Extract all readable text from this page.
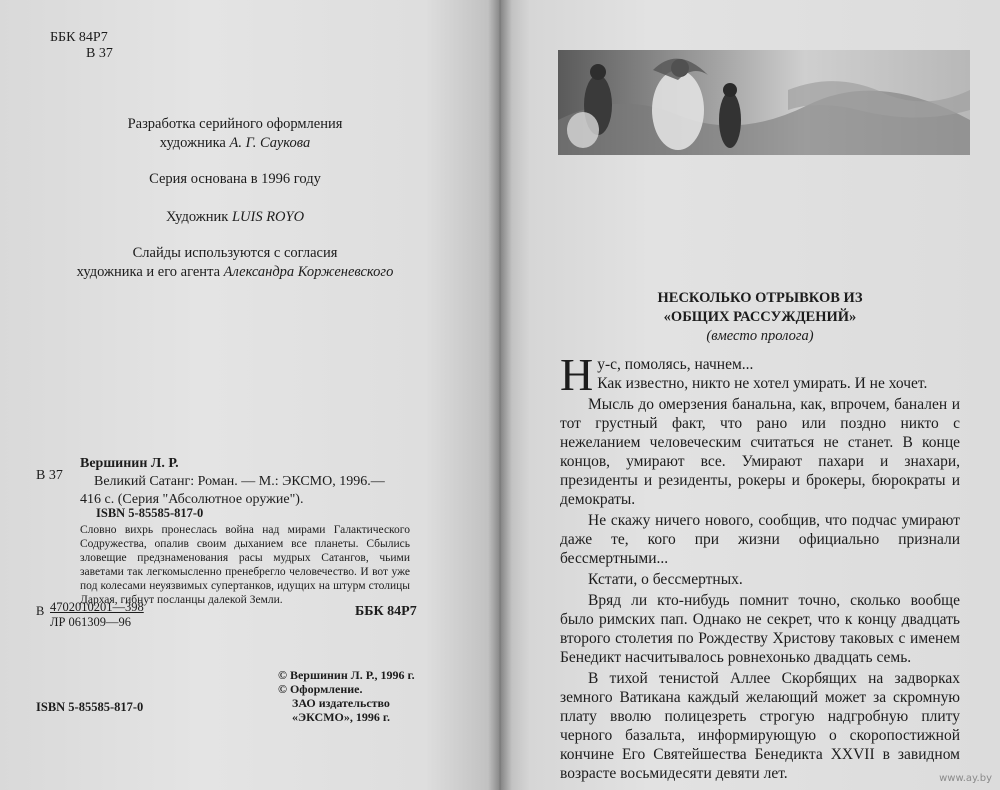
ББК 84Р7
В 37
Разработка серийного оформления
художника А. Г. Саукова
Серия основана в 1996 году
Художник LUIS ROYO
Слайды используются с согласия
художника и его агента Александра Корженевского
Вершинин Л. Р.
В 37	Великий Сатанг: Роман. — М.: ЭКСМО, 1996.—
416 с. (Серия "Абсолютное оружие").
ISBN 5-85585-817-0
Словно вихрь пронеслась война над мирами Галактического Содружества, опалив своим дыханием все планеты. Сбылись зловещие предзнаменования расы мудрых Сатангов, чьими заветами так легкомысленно пренебрегло человечество. И вот уже под колесами неуязвимых супертанков, идущих на штурм столицы Дархая, гибнут посланцы далекой Земли.
В 4702010201—398
ЛР 061309—96
ББК 84Р7
© Вершинин Л. Р., 1996 г.
© Оформление.
ЗАО издательство
«ЭКСМО», 1996 г.
ISBN 5-85585-817-0
НЕСКОЛЬКО ОТРЫВКОВ ИЗ
«ОБЩИХ РАССУЖДЕНИЙ»
(вместо пролога)

Ну-с, помолясь, начнем...
Как известно, никто не хотел умирать. И не хочет.

Мысль до омерзения банальна, как, впрочем, банален и тот грустный факт, что рано или поздно никто с нежеланием человеческим считаться не станет. В конце концов, умирают все. Умирают пахари и знахари, президенты и резиденты, рокеры и брокеры, бюрократы и демократы.

Не скажу ничего нового, сообщив, что подчас умирают даже те, кого при жизни официально признали бессмертными...

Кстати, о бессмертных.

Вряд ли кто-нибудь помнит точно, сколько вообще было римских пап. Однако не секрет, что к концу двадцать второго столетия по Рождеству Христову таковых с именем Бенедикт насчитывалось ровнехонько двадцать семь.

В тихой тенистой Аллее Скорбящих на задворках земного Ватикана каждый желающий может за скромную плату вволю полицезреть строгую надгробную плиту черного базальта, информирующую о скоропостижной кончине Его Святейшества Бенедикта XXVII в завидном возрасте восьмидесяти девяти лет.	www.ay.by
